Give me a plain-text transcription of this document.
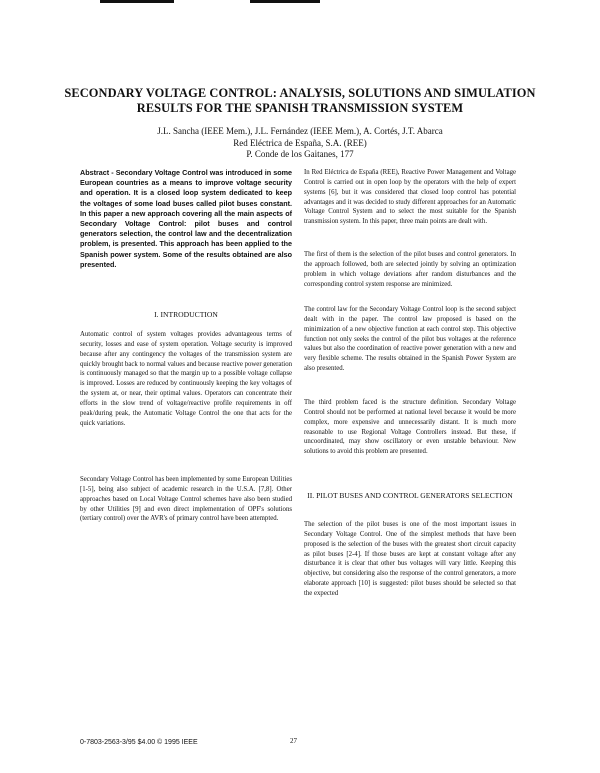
SECONDARY VOLTAGE CONTROL: ANALYSIS, SOLUTIONS AND SIMULATION RESULTS FOR THE SPANISH TRANSMISSION SYSTEM
J.L. Sancha (IEEE Mem.), J.L. Fernández (IEEE Mem.), A. Cortés, J.T. Abarca
Red Eléctrica de España, S.A. (REE)
P. Conde de los Gaitanes, 177
Abstract - Secondary Voltage Control was introduced in some European countries as a means to improve voltage security and operation. It is a closed loop system dedicated to keep the voltages of some load buses called pilot buses constant. In this paper a new approach covering all the main aspects of Secondary Voltage Control: pilot buses and control generators selection, the control law and the decentralization problem, is presented. This approach has been applied to the Spanish power system. Some of the results obtained are also presented.
I. INTRODUCTION
Automatic control of system voltages provides advantageous terms of security, losses and ease of system operation. Voltage security is improved because after any contingency the voltages of the transmission system are quickly brought back to normal values and because reactive power generation is continuously managed so that the margin up to a possible voltage collapse is improved. Losses are reduced by continuously keeping the key voltages of the system at, or near, their optimal values. Operators can concentrate their efforts in the slow trend of voltage/reactive profile requirements in off peak/during peak, the Automatic Voltage Control the one that acts for the quick variations.
Secondary Voltage Control has been implemented by some European Utilities [1-5], being also subject of academic research in the U.S.A. [7,8]. Other approaches based on Local Voltage Control schemes have also been studied by other Utilities [9] and even direct implementation of OPF's solutions (tertiary control) over the AVR's of primary control have been attempted.
In Red Eléctrica de España (REE), Reactive Power Management and Voltage Control is carried out in open loop by the operators with the help of expert systems [6], but it was considered that closed loop control has potential advantages and it was decided to study different approaches for an Automatic Voltage Control System and to select the most suitable for the Spanish transmission system. In this paper, three main points are dealt with.
The first of them is the selection of the pilot buses and control generators. In the approach followed, both are selected jointly by solving an optimization problem in which voltage deviations after random disturbances and the corresponding control system response are minimized.
The control law for the Secondary Voltage Control loop is the second subject dealt with in the paper. The control law proposed is based on the minimization of a new objective function at each control step. This objective function not only seeks the control of the pilot bus voltages at the reference values but also the coordination of reactive power generation with a new and very flexible scheme. The results obtained in the Spanish Power System are also presented.
The third problem faced is the structure definition. Secondary Voltage Control should not be performed at national level because it would be more complex, more expensive and unnecessarily distant. It is much more reasonable to use Regional Voltage Controllers instead. But these, if uncoordinated, may show oscillatory or even unstable behaviour. New solutions to avoid this problem are presented.
II. PILOT BUSES AND CONTROL GENERATORS SELECTION
The selection of the pilot buses is one of the most important issues in Secondary Voltage Control. One of the simplest methods that have been proposed is the selection of the buses with the greatest short circuit capacity as pilot buses [2-4]. If those buses are kept at constant voltage after any disturbance it is clear that other bus voltages will vary little. Keeping this objective, but considering also the response of the control generators, a more elaborate approach [10] is suggested: pilot buses should be selected so that the expected
0-7803-2563-3/95 $4.00 © 1995 IEEE	27
